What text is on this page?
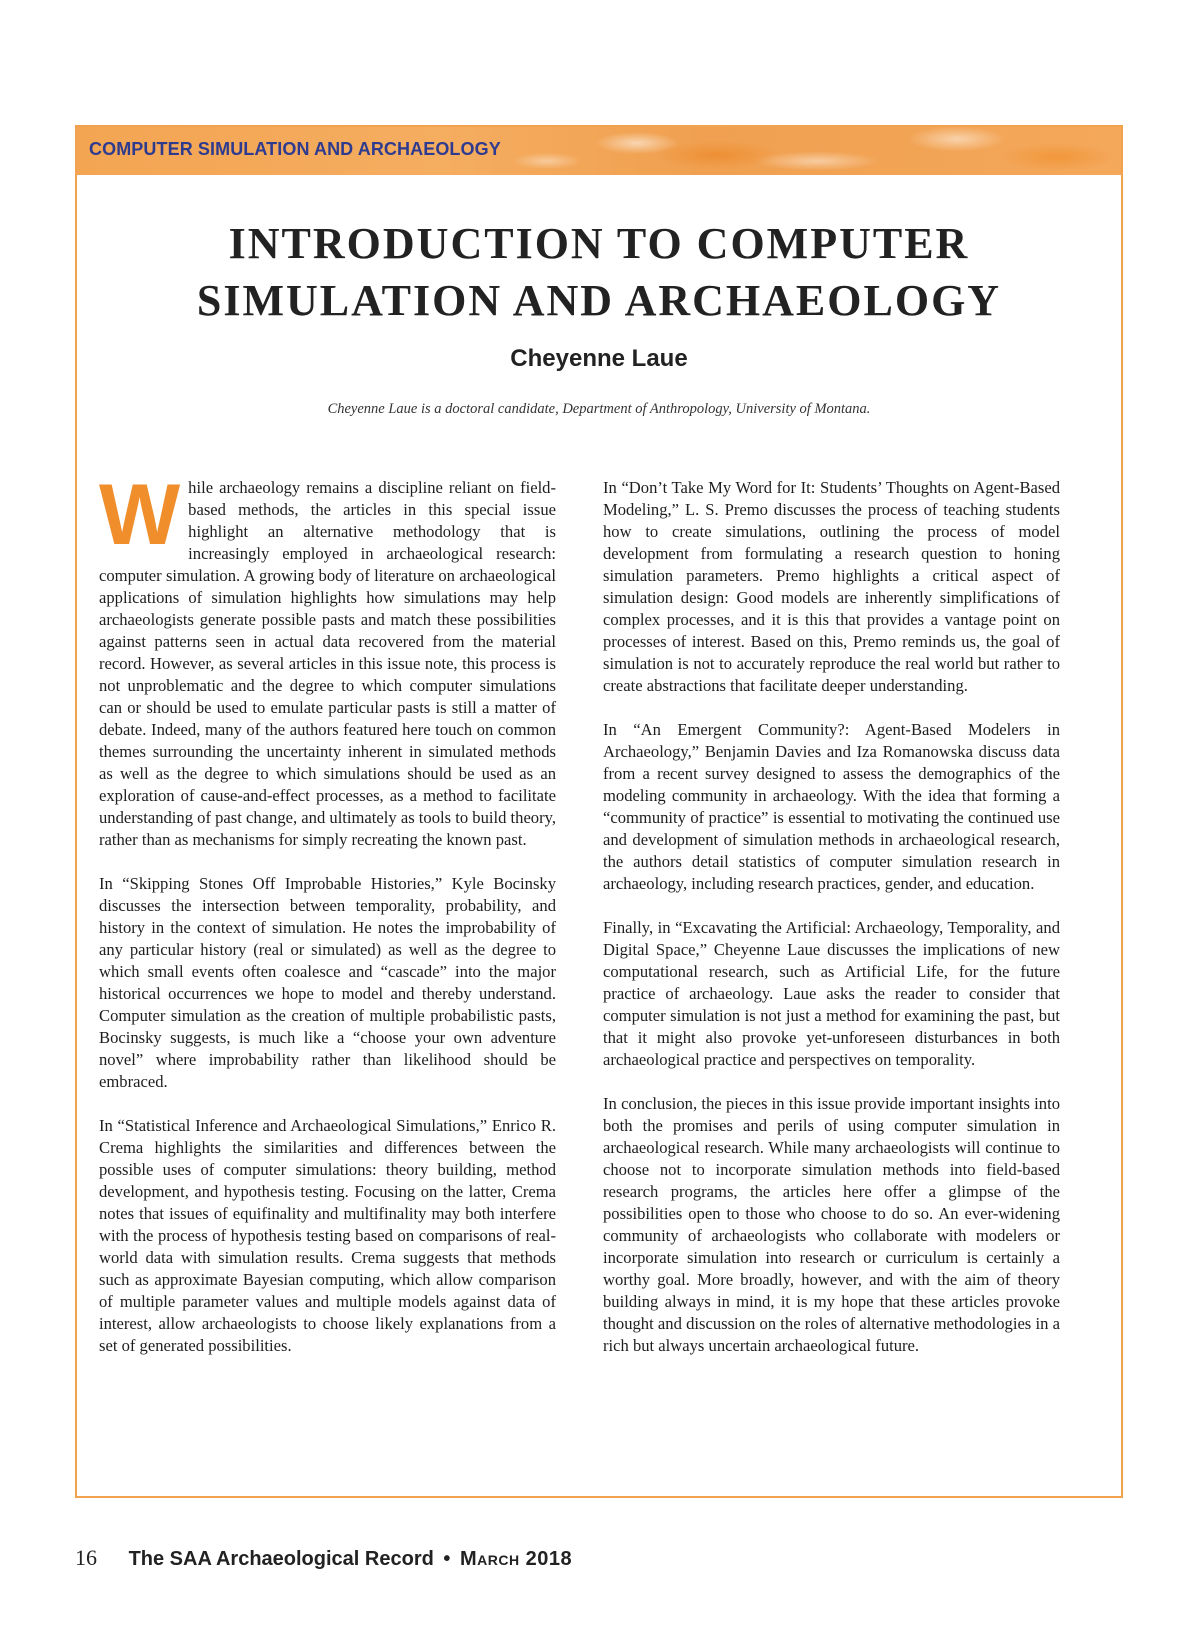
COMPUTER SIMULATION AND ARCHAEOLOGY
INTRODUCTION TO COMPUTER
SIMULATION AND ARCHAEOLOGY

Cheyenne Laue

Cheyenne Laue is a doctoral candidate, Department of Anthropology, University of Montana.

While archaeology remains a discipline reliant on field-based methods, the articles in this special issue highlight an alternative methodology that is increasingly employed in archaeological research: computer simulation. A growing body of literature on archaeological applications of simulation highlights how simulations may help archaeologists generate possible pasts and match these possibilities against patterns seen in actual data recovered from the material record. However, as several articles in this issue note, this process is not unproblematic and the degree to which computer simulations can or should be used to emulate particular pasts is still a matter of debate. Indeed, many of the authors featured here touch on common themes surrounding the uncertainty inherent in simulated methods as well as the degree to which simulations should be used as an exploration of cause-and-effect processes, as a method to facilitate understanding of past change, and ultimately as tools to build theory, rather than as mechanisms for simply recreating the known past.

In “Skipping Stones Off Improbable Histories,” Kyle Bocinsky discusses the intersection between temporality, probability, and history in the context of simulation. He notes the improbability of any particular history (real or simulated) as well as the degree to which small events often coalesce and “cascade” into the major historical occurrences we hope to model and thereby understand. Computer simulation as the creation of multiple probabilistic pasts, Bocinsky suggests, is much like a “choose your own adventure novel” where improbability rather than likelihood should be embraced.

In “Statistical Inference and Archaeological Simulations,” Enrico R. Crema highlights the similarities and differences between the possible uses of computer simulations: theory building, method development, and hypothesis testing. Focusing on the latter, Crema notes that issues of equifinality and multifinality may both interfere with the process of hypothesis testing based on comparisons of real-world data with simulation results. Crema suggests that methods such as approximate Bayesian computing, which allow comparison of multiple parameter values and multiple models against data of interest, allow archaeologists to choose likely explanations from a set of generated possibilities.

In “Don’t Take My Word for It: Students’ Thoughts on Agent-Based Modeling,” L. S. Premo discusses the process of teaching students how to create simulations, outlining the process of model development from formulating a research question to honing simulation parameters. Premo highlights a critical aspect of simulation design: Good models are inherently simplifications of complex processes, and it is this that provides a vantage point on processes of interest. Based on this, Premo reminds us, the goal of simulation is not to accurately reproduce the real world but rather to create abstractions that facilitate deeper understanding.

In “An Emergent Community?: Agent-Based Modelers in Archaeology,” Benjamin Davies and Iza Romanowska discuss data from a recent survey designed to assess the demographics of the modeling community in archaeology. With the idea that forming a “community of practice” is essential to motivating the continued use and development of simulation methods in archaeological research, the authors detail statistics of computer simulation research in archaeology, including research practices, gender, and education.

Finally, in “Excavating the Artificial: Archaeology, Temporality, and Digital Space,” Cheyenne Laue discusses the implications of new computational research, such as Artificial Life, for the future practice of archaeology. Laue asks the reader to consider that computer simulation is not just a method for examining the past, but that it might also provoke yet-unforeseen disturbances in both archaeological practice and perspectives on temporality.

In conclusion, the pieces in this issue provide important insights into both the promises and perils of using computer simulation in archaeological research. While many archaeologists will continue to choose not to incorporate simulation methods into field-based research programs, the articles here offer a glimpse of the possibilities open to those who choose to do so. An ever-widening community of archaeologists who collaborate with modelers or incorporate simulation into research or curriculum is certainly a worthy goal. More broadly, however, and with the aim of theory building always in mind, it is my hope that these articles provoke thought and discussion on the roles of alternative methodologies in a rich but always uncertain archaeological future.

16 The SAA Archaeological Record • March 2018
